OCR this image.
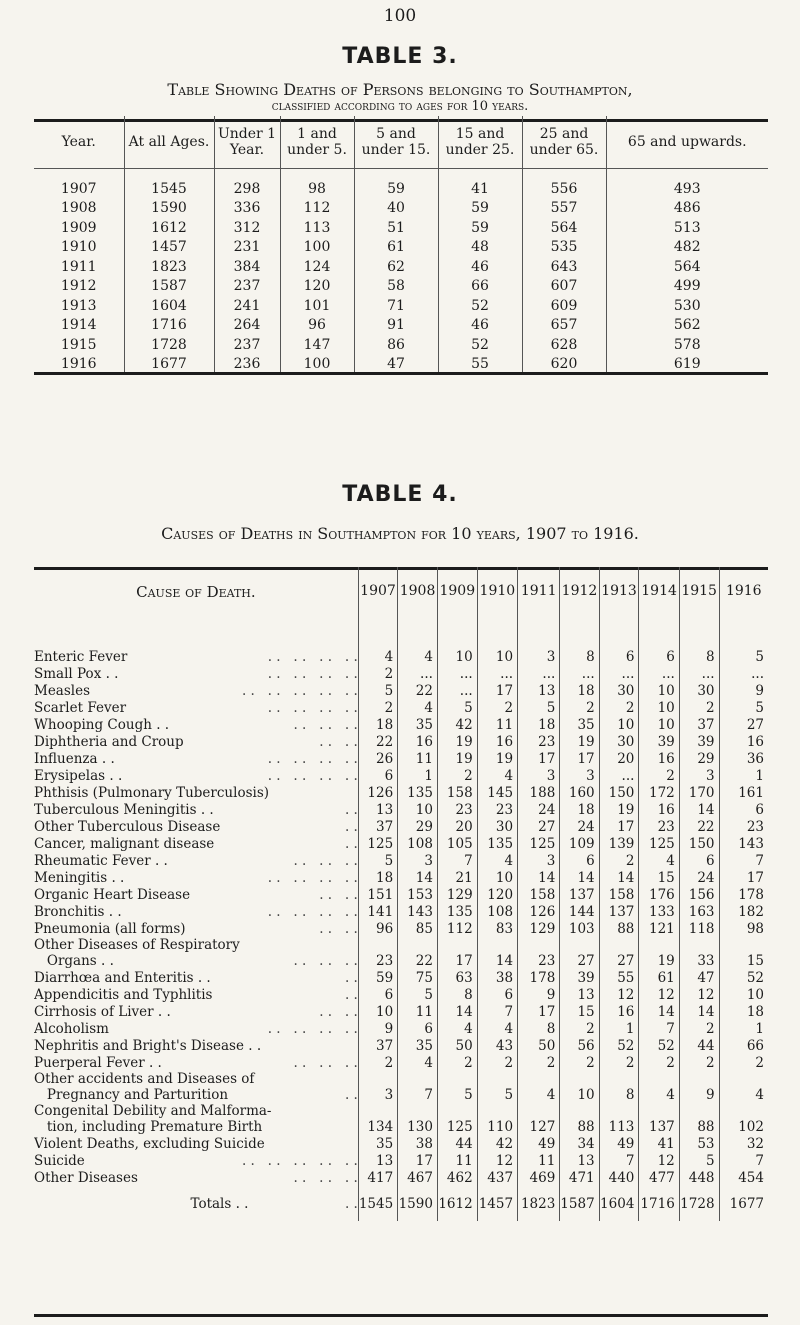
100
TABLE 3.
Table Showing Deaths of Persons belonging to Southampton,
classified according to ages for 10 years.
Year.	At all Ages.	Under 1 Year.	1 and under 5.	5 and under 15.	15 and under 25.	25 and under 65.	65 and upwards.
1907	1545	298	98	59	41	556	493
1908	1590	336	112	40	59	557	486
1909	1612	312	113	51	59	564	513
1910	1457	231	100	61	48	535	482
1911	1823	384	124	62	46	643	564
1912	1587	237	120	58	66	607	499
1913	1604	241	101	71	52	609	530
1914	1716	264	96	91	46	657	562
1915	1728	237	147	86	52	628	578
1916	1677	236	100	47	55	620	619
TABLE 4.
Causes of Deaths in Southampton for 10 years, 1907 to 1916.
Cause of Death.	1907	1908	1909	1910	1911	1912	1913	1914	1915	1916
Enteric Fever . .   . .   . .   . .	4	4	10	10	3	8	6	6	8	5
Small Pox . . . .   . .   . .   . .	2	...	...	...	...	...	...	...	...	...
Measles . .   . .   . .   . .   . .	5	22	...	17	13	18	30	10	30	9
Scarlet Fever . .   . .   . .   . .	2	4	5	2	5	2	2	10	2	5
Whooping Cough . . . .   . .   . .	18	35	42	11	18	35	10	10	37	27
Diphtheria and Croup . .   . .	22	16	19	16	23	19	30	39	39	16
Influenza . . . .   . .   . .   . .	26	11	19	19	17	17	20	16	29	36
Erysipelas . . . .   . .   . .   . .	6	1	2	4	3	3	...	2	3	1
Phthisis (Pulmonary Tuberculosis)	126	135	158	145	188	160	150	172	170	161
Tuberculous Meningitis . . . .	13	10	23	23	24	18	19	16	14	6
Other Tuberculous Disease . .	37	29	20	30	27	24	17	23	22	23
Cancer, malignant disease . .	125	108	105	135	125	109	139	125	150	143
Rheumatic Fever . . . .   . .   . .	5	3	7	4	3	6	2	4	6	7
Meningitis . . . .   . .   . .   . .	18	14	21	10	14	14	14	15	24	17
Organic Heart Disease . .   . .	151	153	129	120	158	137	158	176	156	178
Bronchitis . . . .   . .   . .   . .	141	143	135	108	126	144	137	133	163	182
Pneumonia (all forms) . .   . .	96	85	112	83	129	103	88	121	118	98
Other Diseases of Respiratory										
Organs . . . .   . .   . .	23	22	17	14	23	27	27	19	33	15
Diarrhœa and Enteritis . . . .	59	75	63	38	178	39	55	61	47	52
Appendicitis and Typhlitis . .	6	5	8	6	9	13	12	12	12	10
Cirrhosis of Liver . . . .   . .	10	11	14	7	17	15	16	14	14	18
Alcoholism . .   . .   . .   . .	9	6	4	4	8	2	1	7	2	1
Nephritis and Bright's Disease . .	37	35	50	43	50	56	52	52	44	66
Puerperal Fever . . . .   . .   . .	2	4	2	2	2	2	2	2	2	2
Other accidents and Diseases of										
Pregnancy and Parturition . .	3	7	5	5	4	10	8	4	9	4
Congenital Debility and Malforma-										
tion, including Premature Birth	134	130	125	110	127	88	113	137	88	102
Violent Deaths, excluding Suicide	35	38	44	42	49	34	49	41	53	32
Suicide . .   . .   . .   . .   . .	13	17	11	12	11	13	7	12	5	7
Other Diseases . .   . .   . .	417	467	462	437	469	471	440	477	448	454
Totals . . . .	1545	1590	1612	1457	1823	1587	1604	1716	1728	1677
